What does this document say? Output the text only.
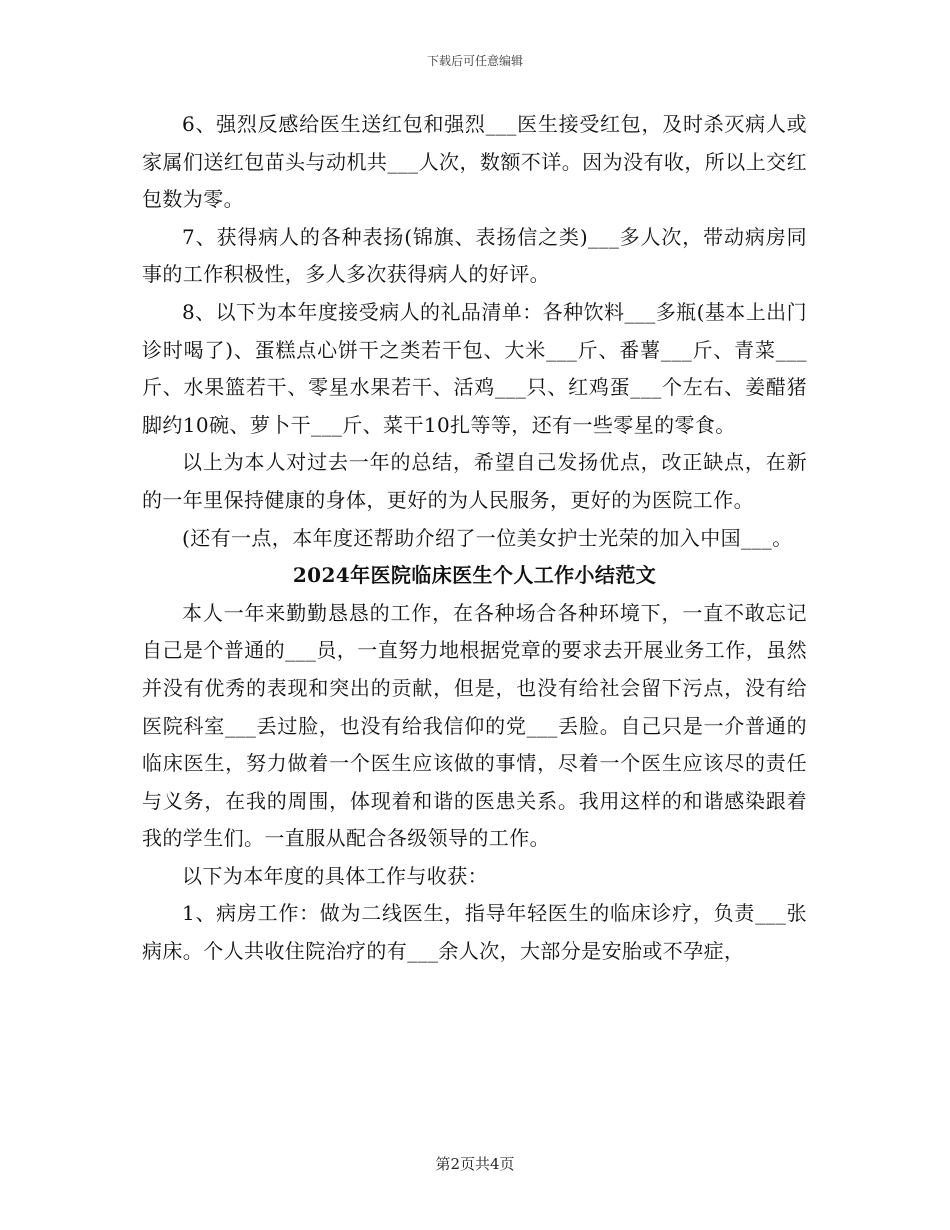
下载后可任意编辑

6、强烈反感给医生送红包和强烈___医生接受红包，及时杀灭病人或家属们送红包苗头与动机共___人次，数额不详。因为没有收，所以上交红包数为零。

7、获得病人的各种表扬(锦旗、表扬信之类)___多人次，带动病房同事的工作积极性，多人多次获得病人的好评。

8、以下为本年度接受病人的礼品清单：各种饮料___多瓶(基本上出门诊时喝了)、蛋糕点心饼干之类若干包、大米___斤、番薯___斤、青菜___斤、水果篮若干、零星水果若干、活鸡___只、红鸡蛋___个左右、姜醋猪脚约10碗、萝卜干___斤、菜干10扎等等，还有一些零星的零食。

以上为本人对过去一年的总结，希望自己发扬优点，改正缺点，在新的一年里保持健康的身体，更好的为人民服务，更好的为医院工作。

(还有一点，本年度还帮助介绍了一位美女护士光荣的加入中国___。

2024年医院临床医生个人工作小结范文

本人一年来勤勤恳恳的工作，在各种场合各种环境下，一直不敢忘记自己是个普通的___员，一直努力地根据党章的要求去开展业务工作，虽然并没有优秀的表现和突出的贡献，但是，也没有给社会留下污点，没有给医院科室___丢过脸，也没有给我信仰的党___丢脸。自己只是一介普通的临床医生，努力做着一个医生应该做的事情，尽着一个医生应该尽的责任与义务，在我的周围，体现着和谐的医患关系。我用这样的和谐感染跟着我的学生们。一直服从配合各级领导的工作。

以下为本年度的具体工作与收获：

1、病房工作：做为二线医生，指导年轻医生的临床诊疗，负责___张病床。个人共收住院治疗的有___余人次，大部分是安胎或不孕症，

第2页共4页
